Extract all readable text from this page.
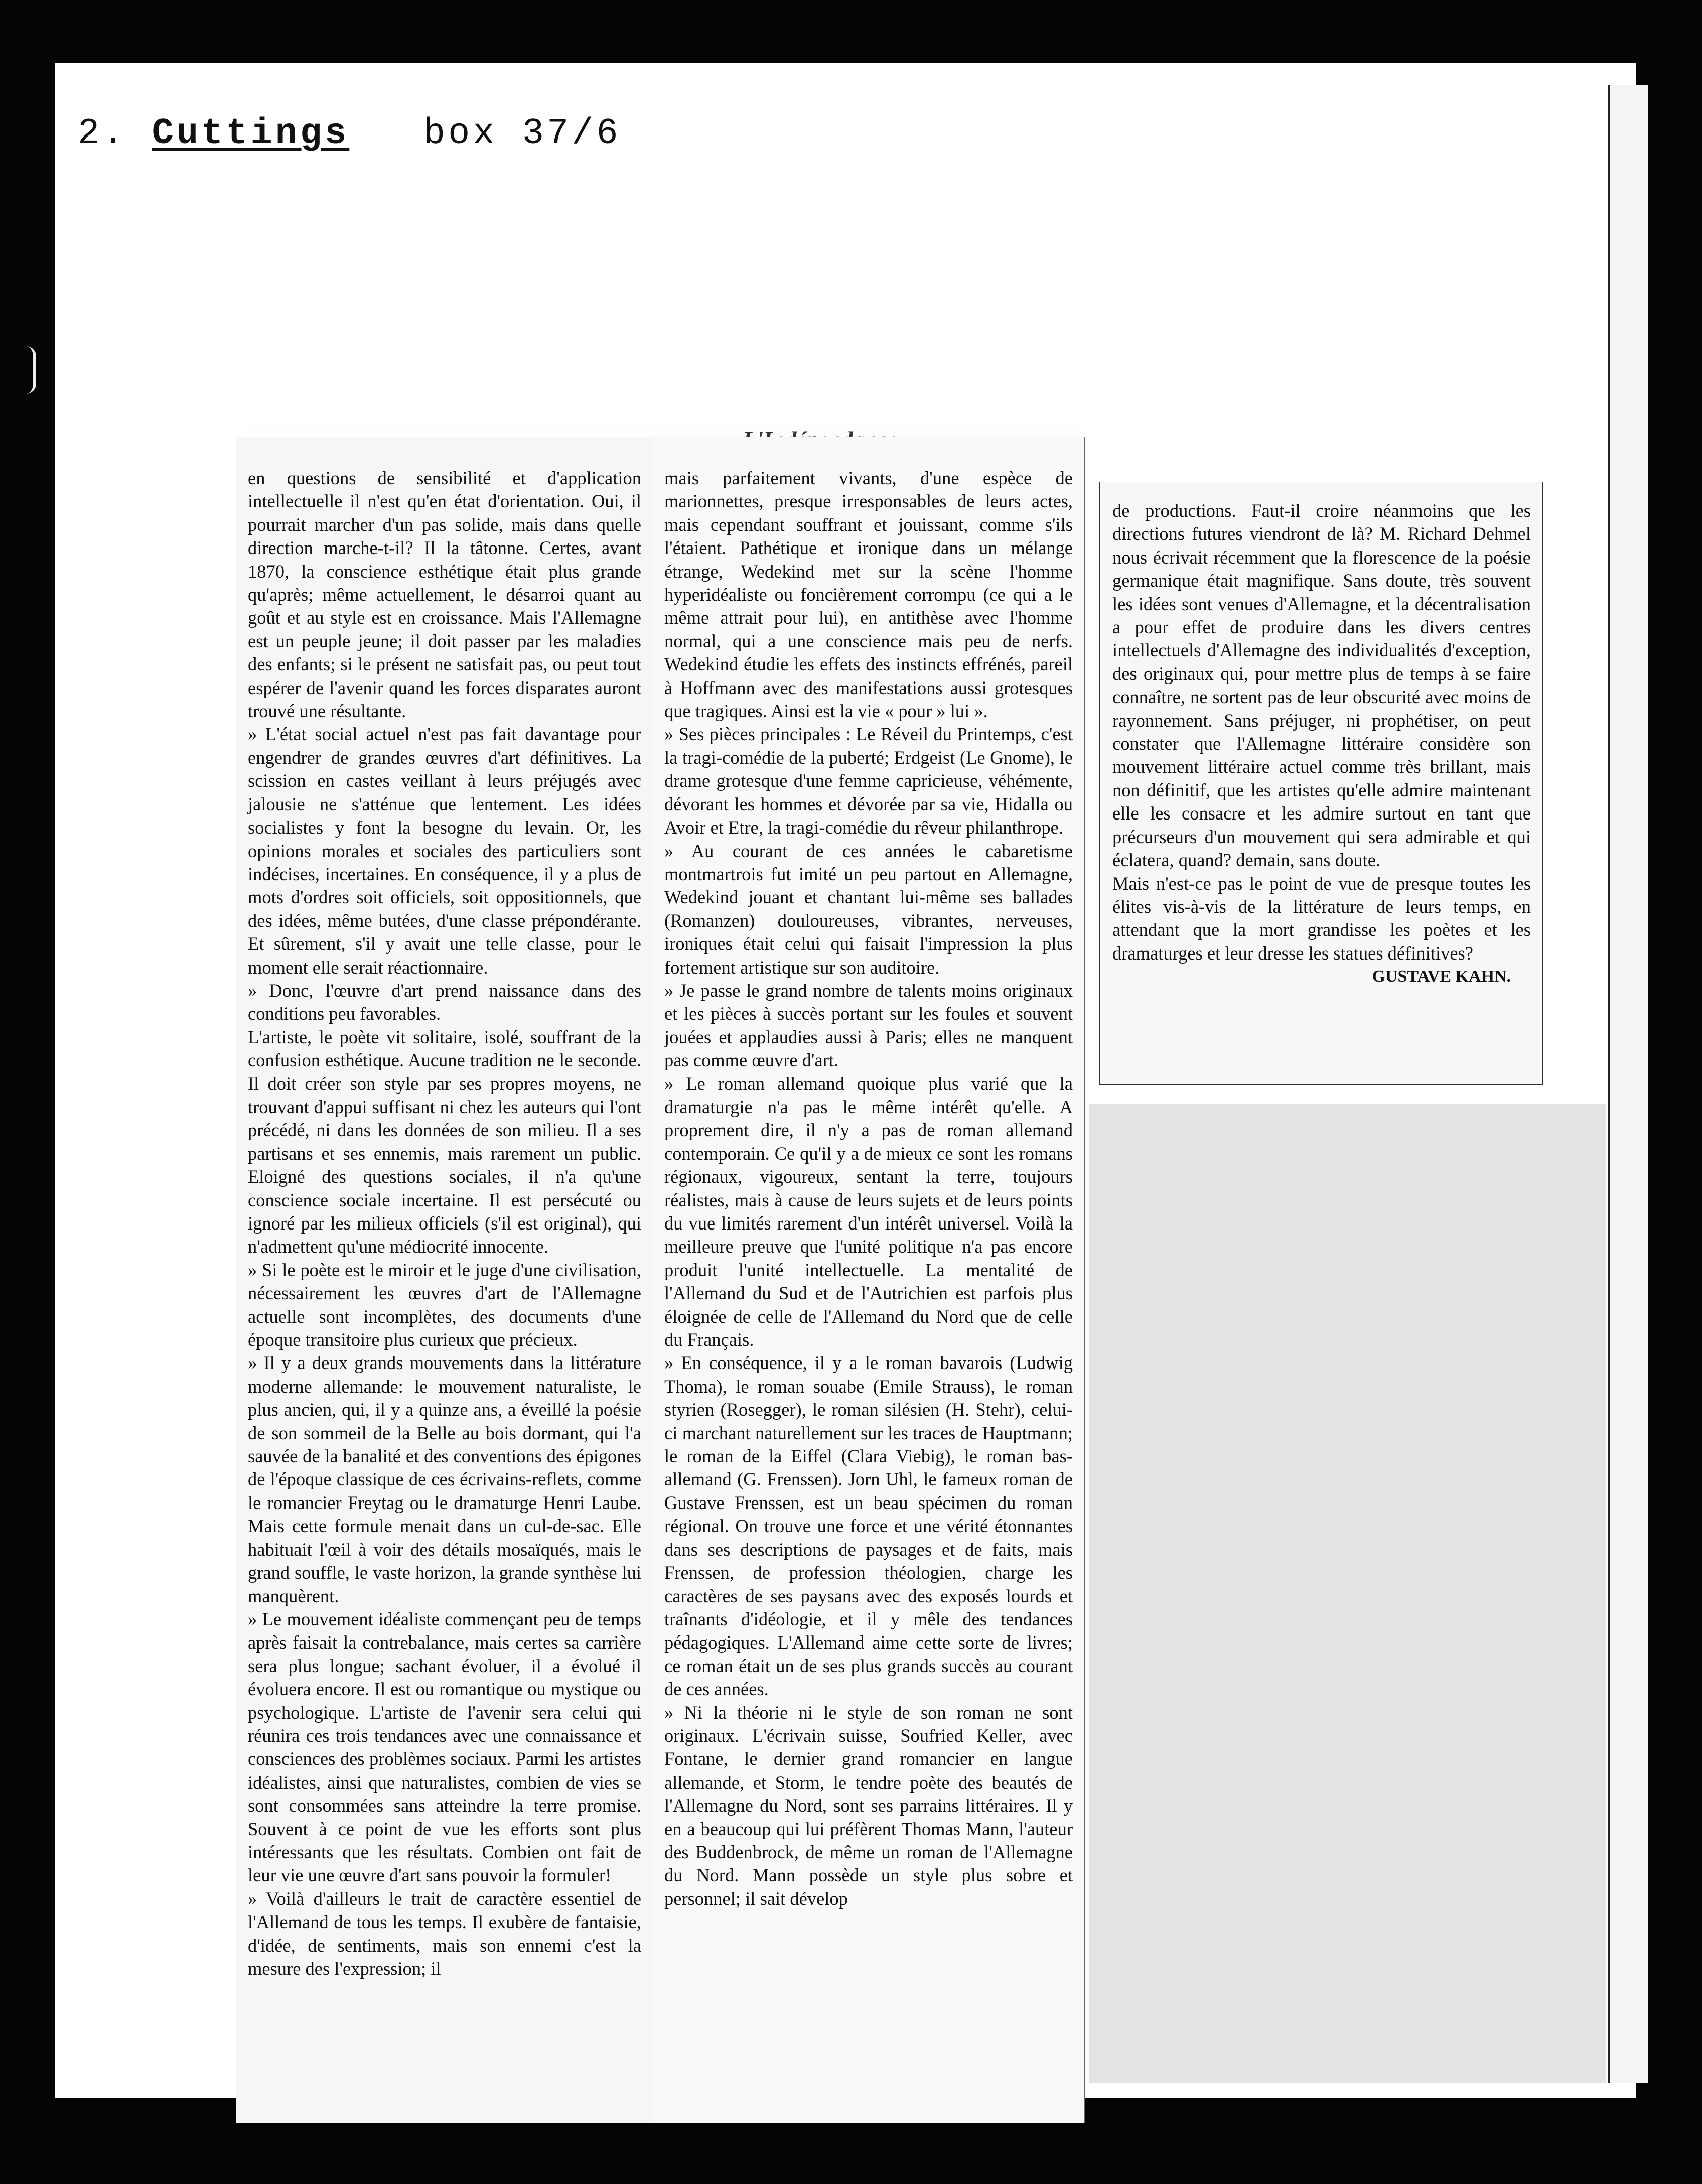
2. Cuttings box 37/6

en questions de sensibilité et d'application intellectuelle il n'est qu'en état d'orientation. Oui, il pourrait marcher d'un pas solide, mais dans quelle direction marche-t-il? Il la tâtonne. Certes, avant 1870, la conscience esthétique était plus grande qu'après; même actuellement, le désarroi quant au goût et au style est en croissance. Mais l'Allemagne est un peuple jeune; il doit passer par les maladies des enfants; si le présent ne satisfait pas, ou peut tout espérer de l'avenir quand les forces disparates auront trouvé une résultante.

» L'état social actuel n'est pas fait davantage pour engendrer de grandes œuvres d'art définitives. La scission en castes veillant à leurs préjugés avec jalousie ne s'atténue que lentement. Les idées socialistes y font la besogne du levain. Or, les opinions morales et sociales des particuliers sont indécises, incertaines. En conséquence, il y a plus de mots d'ordres soit officiels, soit oppositionnels, que des idées, même butées, d'une classe prépondérante. Et sûrement, s'il y avait une telle classe, pour le moment elle serait réactionnaire.

» Donc, l'œuvre d'art prend naissance dans des conditions peu favorables.

L'artiste, le poète vit solitaire, isolé, souffrant de la confusion esthétique. Aucune tradition ne le seconde. Il doit créer son style par ses propres moyens, ne trouvant d'appui suffisant ni chez les auteurs qui l'ont précédé, ni dans les données de son milieu. Il a ses partisans et ses ennemis, mais rarement un public. Eloigné des questions sociales, il n'a qu'une conscience sociale incertaine. Il est persécuté ou ignoré par les milieux officiels (s'il est original), qui n'admettent qu'une médiocrité innocente.

» Si le poète est le miroir et le juge d'une civilisation, nécessairement les œuvres d'art de l'Allemagne actuelle sont incomplètes, des documents d'une époque transitoire plus curieux que précieux.

» Il y a deux grands mouvements dans la littérature moderne allemande: le mouvement naturaliste, le plus ancien, qui, il y a quinze ans, a éveillé la poésie de son sommeil de la Belle au bois dormant, qui l'a sauvée de la banalité et des conventions des épigones de l'époque classique de ces écrivains-reflets, comme le romancier Freytag ou le dramaturge Henri Laube. Mais cette formule menait dans un cul-de-sac. Elle habituait l'œil à voir des détails mosaïqués, mais le grand souffle, le vaste horizon, la grande synthèse lui manquèrent.

» Le mouvement idéaliste commençant peu de temps après faisait la contrebalance, mais certes sa carrière sera plus longue; sachant évoluer, il a évolué il évoluera encore. Il est ou romantique ou mystique ou psychologique. L'artiste de l'avenir sera celui qui réunira ces trois tendances avec une connaissance et consciences des problèmes sociaux. Parmi les artistes idéalistes, ainsi que naturalistes, combien de vies se sont consommées sans atteindre la terre promise. Souvent à ce point de vue les efforts sont plus intéressants que les résultats. Combien ont fait de leur vie une œuvre d'art sans pouvoir la formuler!

» Voilà d'ailleurs le trait de caractère essentiel de l'Allemand de tous les temps. Il exubère de fantaisie, d'idée, de sentiments, mais son ennemi c'est la mesure des l'expression; il

mais parfaitement vivants, d'une espèce de marionnettes, presque irresponsables de leurs actes, mais cependant souffrant et jouissant, comme s'ils l'étaient. Pathétique et ironique dans un mélange étrange, Wedekind met sur la scène l'homme hyperidéaliste ou foncièrement corrompu (ce qui a le même attrait pour lui), en antithèse avec l'homme normal, qui a une conscience mais peu de nerfs. Wedekind étudie les effets des instincts effrénés, pareil à Hoffmann avec des manifestations aussi grotesques que tragiques. Ainsi est la vie « pour » lui ».

» Ses pièces principales : Le Réveil du Printemps, c'est la tragi-comédie de la puberté; Erdgeist (Le Gnome), le drame grotesque d'une femme capricieuse, véhémente, dévorant les hommes et dévorée par sa vie, Hidalla ou Avoir et Etre, la tragi-comédie du rêveur philanthrope.

» Au courant de ces années le cabaretisme montmartrois fut imité un peu partout en Allemagne, Wedekind jouant et chantant lui-même ses ballades (Romanzen) douloureuses, vibrantes, nerveuses, ironiques était celui qui faisait l'impression la plus fortement artistique sur son auditoire.

» Je passe le grand nombre de talents moins originaux et les pièces à succès portant sur les foules et souvent jouées et applaudies aussi à Paris; elles ne manquent pas comme œuvre d'art.

» Le roman allemand quoique plus varié que la dramaturgie n'a pas le même intérêt qu'elle. A proprement dire, il n'y a pas de roman allemand contemporain. Ce qu'il y a de mieux ce sont les romans régionaux, vigoureux, sentant la terre, toujours réalistes, mais à cause de leurs sujets et de leurs points du vue limités rarement d'un intérêt universel. Voilà la meilleure preuve que l'unité politique n'a pas encore produit l'unité intellectuelle. La mentalité de l'Allemand du Sud et de l'Autrichien est parfois plus éloignée de celle de l'Allemand du Nord que de celle du Français.

» En conséquence, il y a le roman bavarois (Ludwig Thoma), le roman souabe (Emile Strauss), le roman styrien (Rosegger), le roman silésien (H. Stehr), celui-ci marchant naturellement sur les traces de Hauptmann; le roman de la Eiffel (Clara Viebig), le roman bas-allemand (G. Frenssen). Jorn Uhl, le fameux roman de Gustave Frenssen, est un beau spécimen du roman régional. On trouve une force et une vérité étonnantes dans ses descriptions de paysages et de faits, mais Frenssen, de profession théologien, charge les caractères de ses paysans avec des exposés lourds et traînants d'idéologie, et il y mêle des tendances pédagogiques. L'Allemand aime cette sorte de livres; ce roman était un de ses plus grands succès au courant de ces années.

» Ni la théorie ni le style de son roman ne sont originaux. L'écrivain suisse, Soufried Keller, avec Fontane, le dernier grand romancier en langue allemande, et Storm, le tendre poète des beautés de l'Allemagne du Nord, sont ses parrains littéraires. Il y en a beaucoup qui lui préfèrent Thomas Mann, l'auteur des Buddenbrock, de même un roman de l'Allemagne du Nord. Mann possède un style plus sobre et personnel; il sait dévelop

de productions. Faut-il croire néanmoins que les directions futures viendront de là? M. Richard Dehmel nous écrivait récemment que la florescence de la poésie germanique était magnifique. Sans doute, très souvent les idées sont venues d'Allemagne, et la décentralisation a pour effet de produire dans les divers centres intellectuels d'Allemagne des individualités d'exception, des originaux qui, pour mettre plus de temps à se faire connaître, ne sortent pas de leur obscurité avec moins de rayonnement. Sans préjuger, ni prophétiser, on peut constater que l'Allemagne littéraire considère son mouvement littéraire actuel comme très brillant, mais non définitif, que les artistes qu'elle admire maintenant elle les consacre et les admire surtout en tant que précurseurs d'un mouvement qui sera admirable et qui éclatera, quand? demain, sans doute.

Mais n'est-ce pas le point de vue de presque toutes les élites vis-à-vis de la littérature de leurs temps, en attendant que la mort grandisse les poètes et les dramaturges et leur dresse les statues définitives?

GUSTAVE KAHN.
